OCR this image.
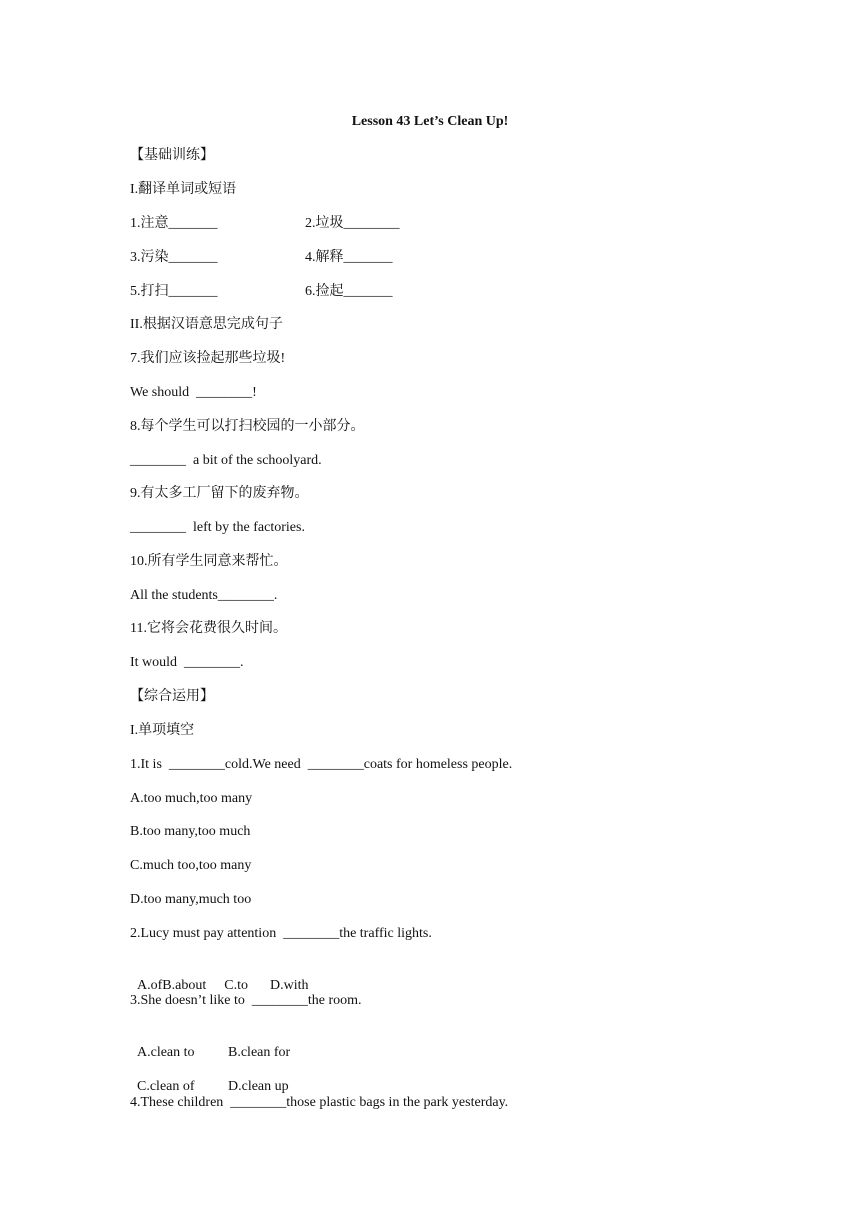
Lesson 43 Let’s Clean Up!
【基础训练】
I.翻译单词或短语
1.注意_______	2.垃圾________
3.污染_______	4.解释_______
5.打扫_______	6.捡起_______
II.根据汉语意思完成句子
7.我们应该捡起那些垃圾!
We should  ________!
8.每个学生可以打扫校园的一小部分。
________  a bit of the schoolyard.
9.有太多工厂留下的废弃物。
________  left by the factories.
10.所有学生同意来帮忙。
All the students________.
11.它将会花费很久时间。
It would  ________.
【综合运用】
I.单项填空
1.It is  ________cold.We need  ________coats for homeless people.
A.too much,too many
B.too many,too much
C.much too,too many
D.too many,much too
2.Lucy must pay attention  ________the traffic lights.

A.ofB.about C.to D.with

3.She doesn’t like to  ________the room.

A.clean to B.clean for

C.clean of D.clean up

4.These children  ________those plastic bags in the park yesterday.
